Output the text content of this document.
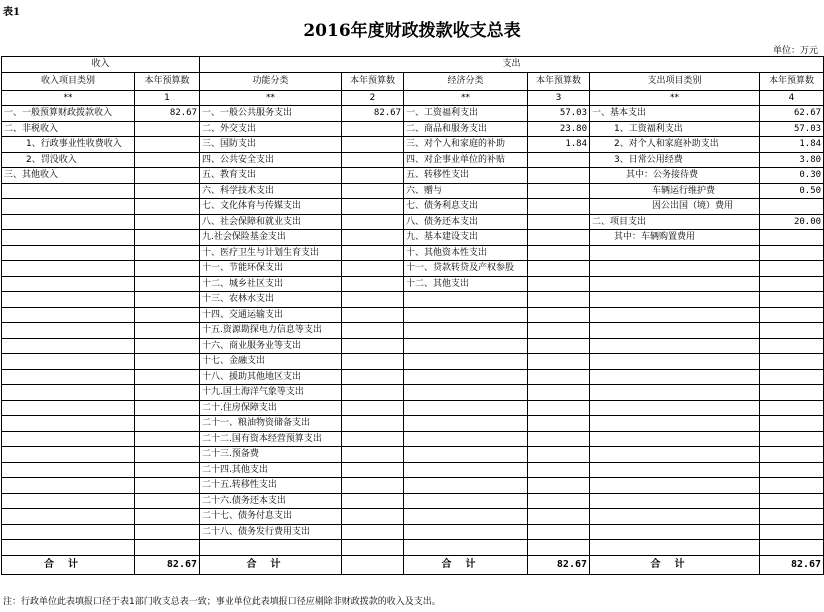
表1
2016年度财政拨款收支总表
单位：万元
收入		支出					
收入项目类别	本年预算数	功能分类	本年预算数	经济分类	本年预算数	支出项目类别	本年预算数
**	1	**	2	**	3	**	4
一、一般预算财政拨款收入	82.67	一、一般公共服务支出	82.67	一、工资福利支出	57.03	一、基本支出	62.67
二、非税收入		二、外交支出		二、商品和服务支出	23.80	1、工资福利支出	57.03
1、行政事业性收费收入		三、国防支出		三、对个人和家庭的补助	1.84	2、对个人和家庭补助支出	1.84
2、罚没收入		四、公共安全支出		四、对企事业单位的补贴		3、日常公用经费	3.80
三、其他收入		五、教育支出		五、转移性支出		其中：公务接待费	0.30
		六、科学技术支出		六、赠与		车辆运行维护费	0.50
		七、文化体育与传媒支出		七、债务利息支出		因公出国（境）费用	
		八、社会保障和就业支出		八、债务还本支出		二、项目支出	20.00
		九.社会保险基金支出		九、基本建设支出		其中：车辆购置费用	
		十、医疗卫生与计划生育支出		十、其他资本性支出			
		十一、节能环保支出		十一、贷款转贷及产权参股			
		十二、城乡社区支出		十二、其他支出			
		十三、农林水支出					
		十四、交通运输支出					
		十五.资源勘探电力信息等支出					
		十六、商业服务业等支出					
		十七、金融支出					
		十八、援助其他地区支出					
		十九.国土海洋气象等支出					
		二十.住房保障支出					
		二十一、粮油物资储备支出					
		二十二.国有资本经营预算支出					
		二十三.预备费					
		二十四.其他支出					
		二十五.转移性支出					
		二十六.债务还本支出					
		二十七、债务付息支出					
		二十八、债务发行费用支出					

合计	82.67	合计		合计	82.67	合计	82.67
注：行政单位此表填报口径于表1部门收支总表一致；事业单位此表填报口径应剔除非财政拨款的收入及支出。
